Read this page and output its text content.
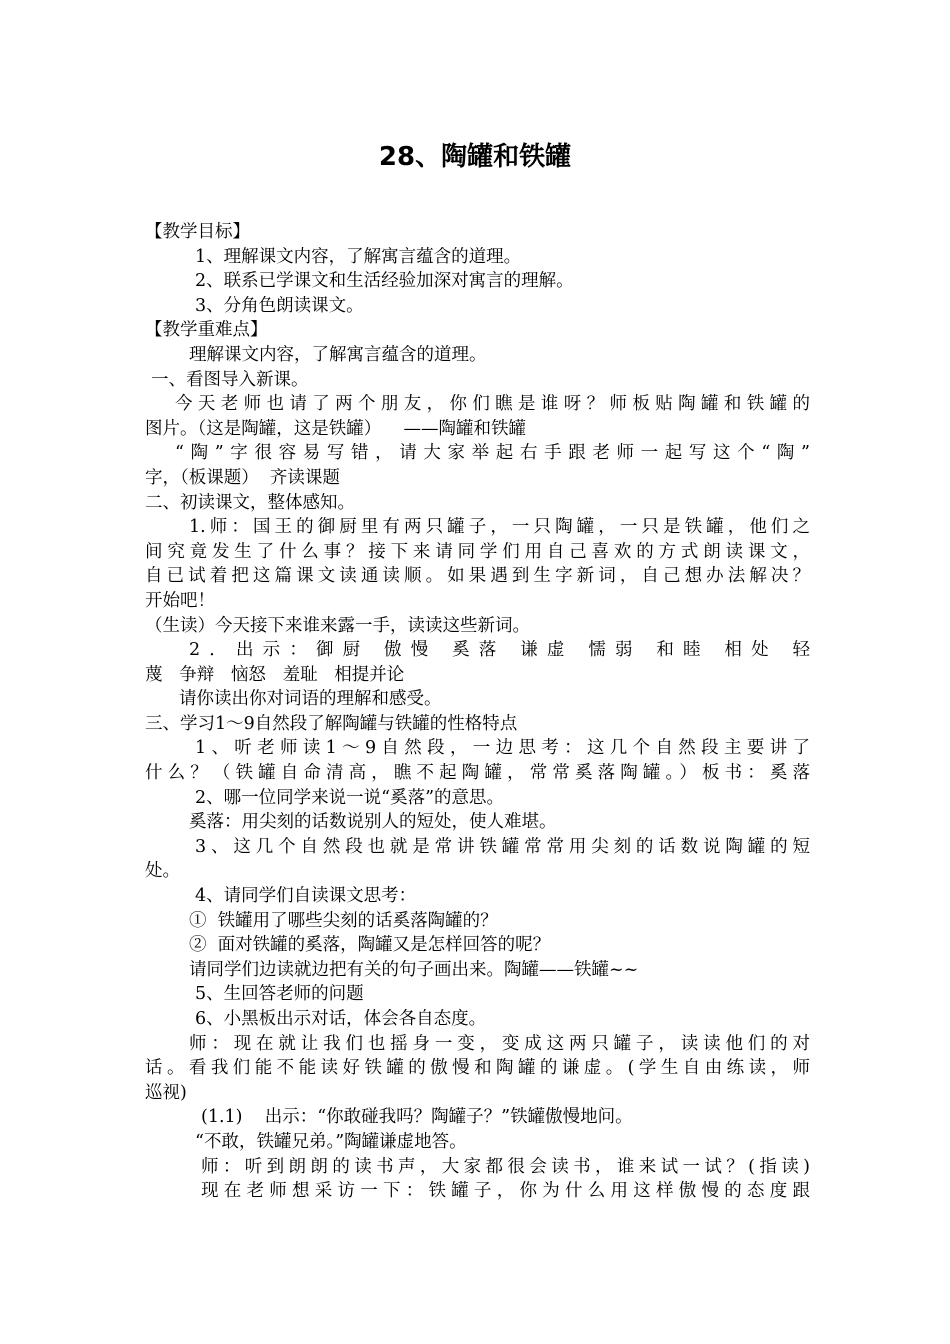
28、陶罐和铁罐
【教学目标】
1、理解课文内容，了解寓言蕴含的道理。
2、联系已学课文和生活经验加深对寓言的理解。
3、分角色朗读课文。
【教学重难点】
理解课文内容，了解寓言蕴含的道理。
一、看图导入新课。
今天老师也请了两个朋友，你们瞧是谁呀？师板贴陶罐和铁罐的
图片。（这是陶罐，这是铁罐）    ——陶罐和铁罐
“陶”字很容易写错，请大家举起右手跟老师一起写这个“陶”
字，（板课题）  齐读课题
二、初读课文，整体感知。
1.师：国王的御厨里有两只罐子，一只陶罐，一只是铁罐，他们之
间究竟发生了什么事？接下来请同学们用自己喜欢的方式朗读课文，
自已试着把这篇课文读通读顺。如果遇到生字新词，自己想办法解决？
开始吧！
（生读）今天接下来谁来露一手，读读这些新词。
2．出示：御厨 傲慢 奚落 谦虚 懦弱 和睦 相处 轻
蔑   争辩   恼怒   羞耻   相提并论
请你读出你对词语的理解和感受。
三、学习1～9自然段了解陶罐与铁罐的性格特点
1、听老师读1～9自然段，一边思考：这几个自然段主要讲了
什么？（铁罐自命清高，瞧不起陶罐，常常奚落陶罐。）板书：奚落
2、哪一位同学来说一说“奚落”的意思。
奚落：用尖刻的话数说别人的短处，使人难堪。
3、这几个自然段也就是常讲铁罐常常用尖刻的话数说陶罐的短
处。
4、请同学们自读课文思考：
①  铁罐用了哪些尖刻的话奚落陶罐的？
②  面对铁罐的奚落，陶罐又是怎样回答的呢？
请同学们边读就边把有关的句子画出来。陶罐——铁罐~~
5、生回答老师的问题
6、小黑板出示对话，体会各自态度。
师：现在就让我们也摇身一变，变成这两只罐子，读读他们的对
话。看我们能不能读好铁罐的傲慢和陶罐的谦虚。(学生自由练读，师
巡视)
(1.1)    出示：“你敢碰我吗？陶罐子？”铁罐傲慢地问。
“不敢，铁罐兄弟。”陶罐谦虚地答。
师：听到朗朗的读书声，大家都很会读书，谁来试一试？(指读)
现在老师想采访一下：铁罐子，你为什么用这样傲慢的态度跟
